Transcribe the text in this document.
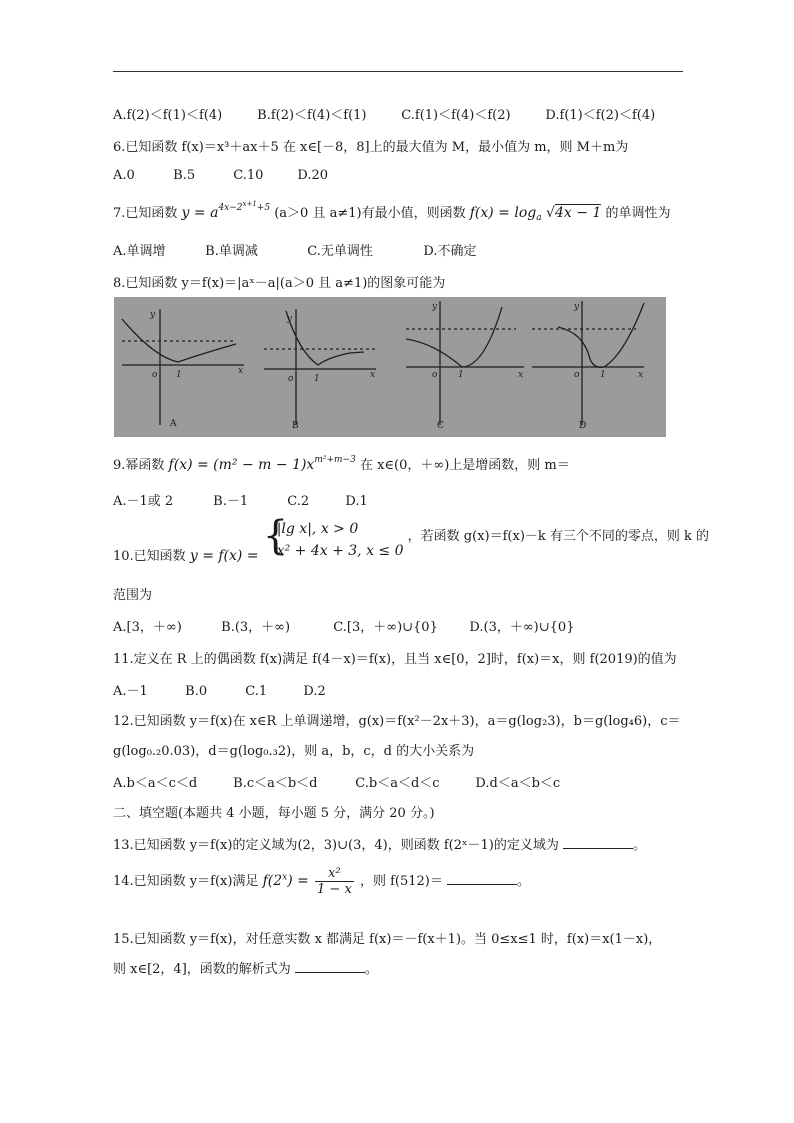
A.f(2)＜f(1)＜f(4)	B.f(2)＜f(4)＜f(1)	C.f(1)＜f(4)＜f(2)	D.f(1)＜f(2)＜f(4)
6.已知函数 f(x)＝x³＋ax＋5 在 x∈[－8，8]上的最大值为 M，最小值为 m，则 M＋m为
A.0	B.5	C.10	D.20
7.已知函数 $y = a^{4x-2^{x+1}+5}$ (a＞0 且 a≠1)有最小值，则函数 $f(x) = \log_a √4x - 1$ 的单调性为
A.单调增	B.单调减	C.无单调性	D.不确定
8.已知函数 y＝f(x)＝|aˣ－a|(a＞0 且 a≠1)的图象可能为
y
x
o 1
y
x
o 1
y
x
o 1
y
x
o 1
A	B	C	D
9.幂函数 $f(x) = (m^2 - m - 1)x^{m^2+m-3}$ 在 x∈(0，＋∞)上是增函数，则 m＝
A.－1或 2	B.－1	C.2	D.1
10.已知函数 y = f(x) = {
|lg x|, x > 0
x² + 4x + 3, x ≤ 0
，若函数 g(x)＝f(x)－k 有三个不同的零点，则 k 的
范围为
A.[3，＋∞)	B.(3，＋∞)	C.[3，＋∞)∪{0} D.(3，＋∞)∪{0}
11.定义在 R 上的偶函数 f(x)满足 f(4－x)＝f(x)，且当 x∈[0，2]时，f(x)＝x，则 f(2019)的值为
A.－1	B.0	C.1	D.2
12.已知函数 y＝f(x)在 x∈R 上单调递增，g(x)＝f(x²－2x＋3)，a＝g(log₂3)，b＝g(log₄6)，c＝
g(log₀.₂0.03)，d＝g(log₀.₃2)，则 a，b，c，d 的大小关系为
A.b＜a＜c＜d	B.c＜a＜b＜d	C.b＜a＜d＜c	D.d＜a＜b＜c
二、填空题(本题共 4 小题，每小题 5 分，满分 20 分。)
13.已知函数 y＝f(x)的定义域为(2，3)∪(3，4)，则函数 f(2ˣ－1)的定义域为	。
14.已知函数 y＝f(x)满足 $f(2^x) = \frac{\text{x²}}{1 - x}$ ，则 f(512)＝	。
15.已知函数 y＝f(x)，对任意实数 x 都满足 f(x)＝－f(x＋1)。当 0≤x≤1 时，f(x)＝x(1－x)，
则 x∈[2，4]，函数的解析式为	。
